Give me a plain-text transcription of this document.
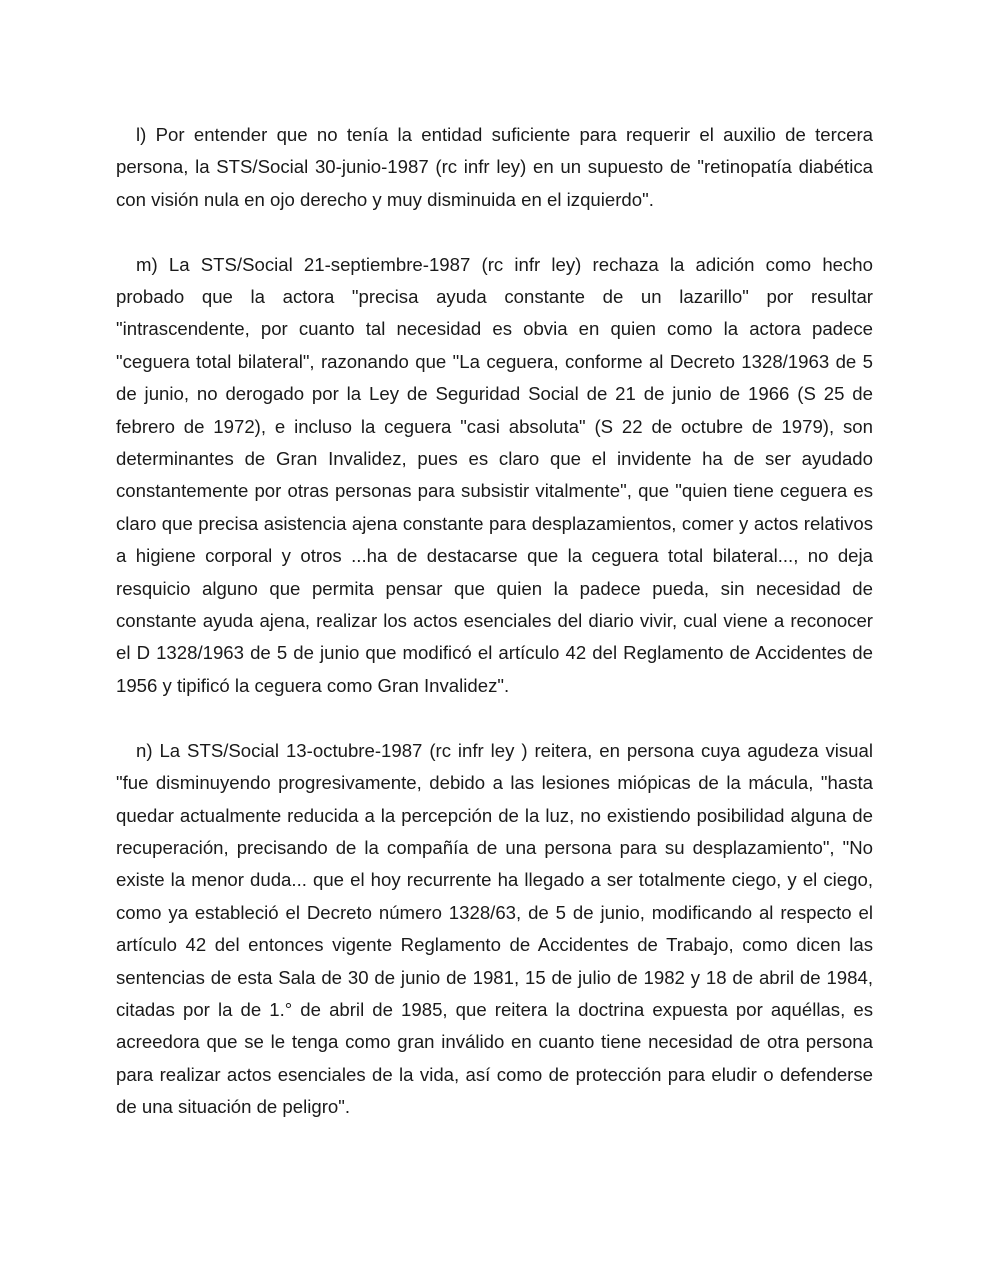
l) Por entender que no tenía la entidad suficiente para requerir el auxilio de tercera persona, la STS/Social 30-junio-1987 (rc infr ley) en un supuesto de "retinopatía diabética con visión nula en ojo derecho y muy disminuida en el izquierdo".

m) La STS/Social 21-septiembre-1987 (rc infr ley) rechaza la adición como hecho probado que la actora "precisa ayuda constante de un lazarillo" por resultar "intrascendente, por cuanto tal necesidad es obvia en quien como la actora padece "ceguera total bilateral", razonando que "La ceguera, conforme al Decreto 1328/1963 de 5 de junio, no derogado por la Ley de Seguridad Social de 21 de junio de 1966 (S 25 de febrero de 1972), e incluso la ceguera "casi absoluta" (S 22 de octubre de 1979), son determinantes de Gran Invalidez, pues es claro que el invidente ha de ser ayudado constantemente por otras personas para subsistir vitalmente", que "quien tiene ceguera es claro que precisa asistencia ajena constante para desplazamientos, comer y actos relativos a higiene corporal y otros ...ha de destacarse que la ceguera total bilateral..., no deja resquicio alguno que permita pensar que quien la padece pueda, sin necesidad de constante ayuda ajena, realizar los actos esenciales del diario vivir, cual viene a reconocer el D 1328/1963 de 5 de junio que modificó el artículo 42 del Reglamento de Accidentes de 1956 y tipificó la ceguera como Gran Invalidez".

n) La STS/Social 13-octubre-1987 (rc infr ley ) reitera, en persona cuya agudeza visual "fue disminuyendo progresivamente, debido a las lesiones miópicas de la mácula, "hasta quedar actualmente reducida a la percepción de la luz, no existiendo posibilidad alguna de recuperación, precisando de la compañía de una persona para su desplazamiento", "No existe la menor duda... que el hoy recurrente ha llegado a ser totalmente ciego, y el ciego, como ya estableció el Decreto número 1328/63, de 5 de junio, modificando al respecto el artículo 42 del entonces vigente Reglamento de Accidentes de Trabajo, como dicen las sentencias de esta Sala de 30 de junio de 1981, 15 de julio de 1982 y 18 de abril de 1984, citadas por la de 1.° de abril de 1985, que reitera la doctrina expuesta por aquéllas, es acreedora que se le tenga como gran inválido en cuanto tiene necesidad de otra persona para realizar actos esenciales de la vida, así como de protección para eludir o defenderse de una situación de peligro".
